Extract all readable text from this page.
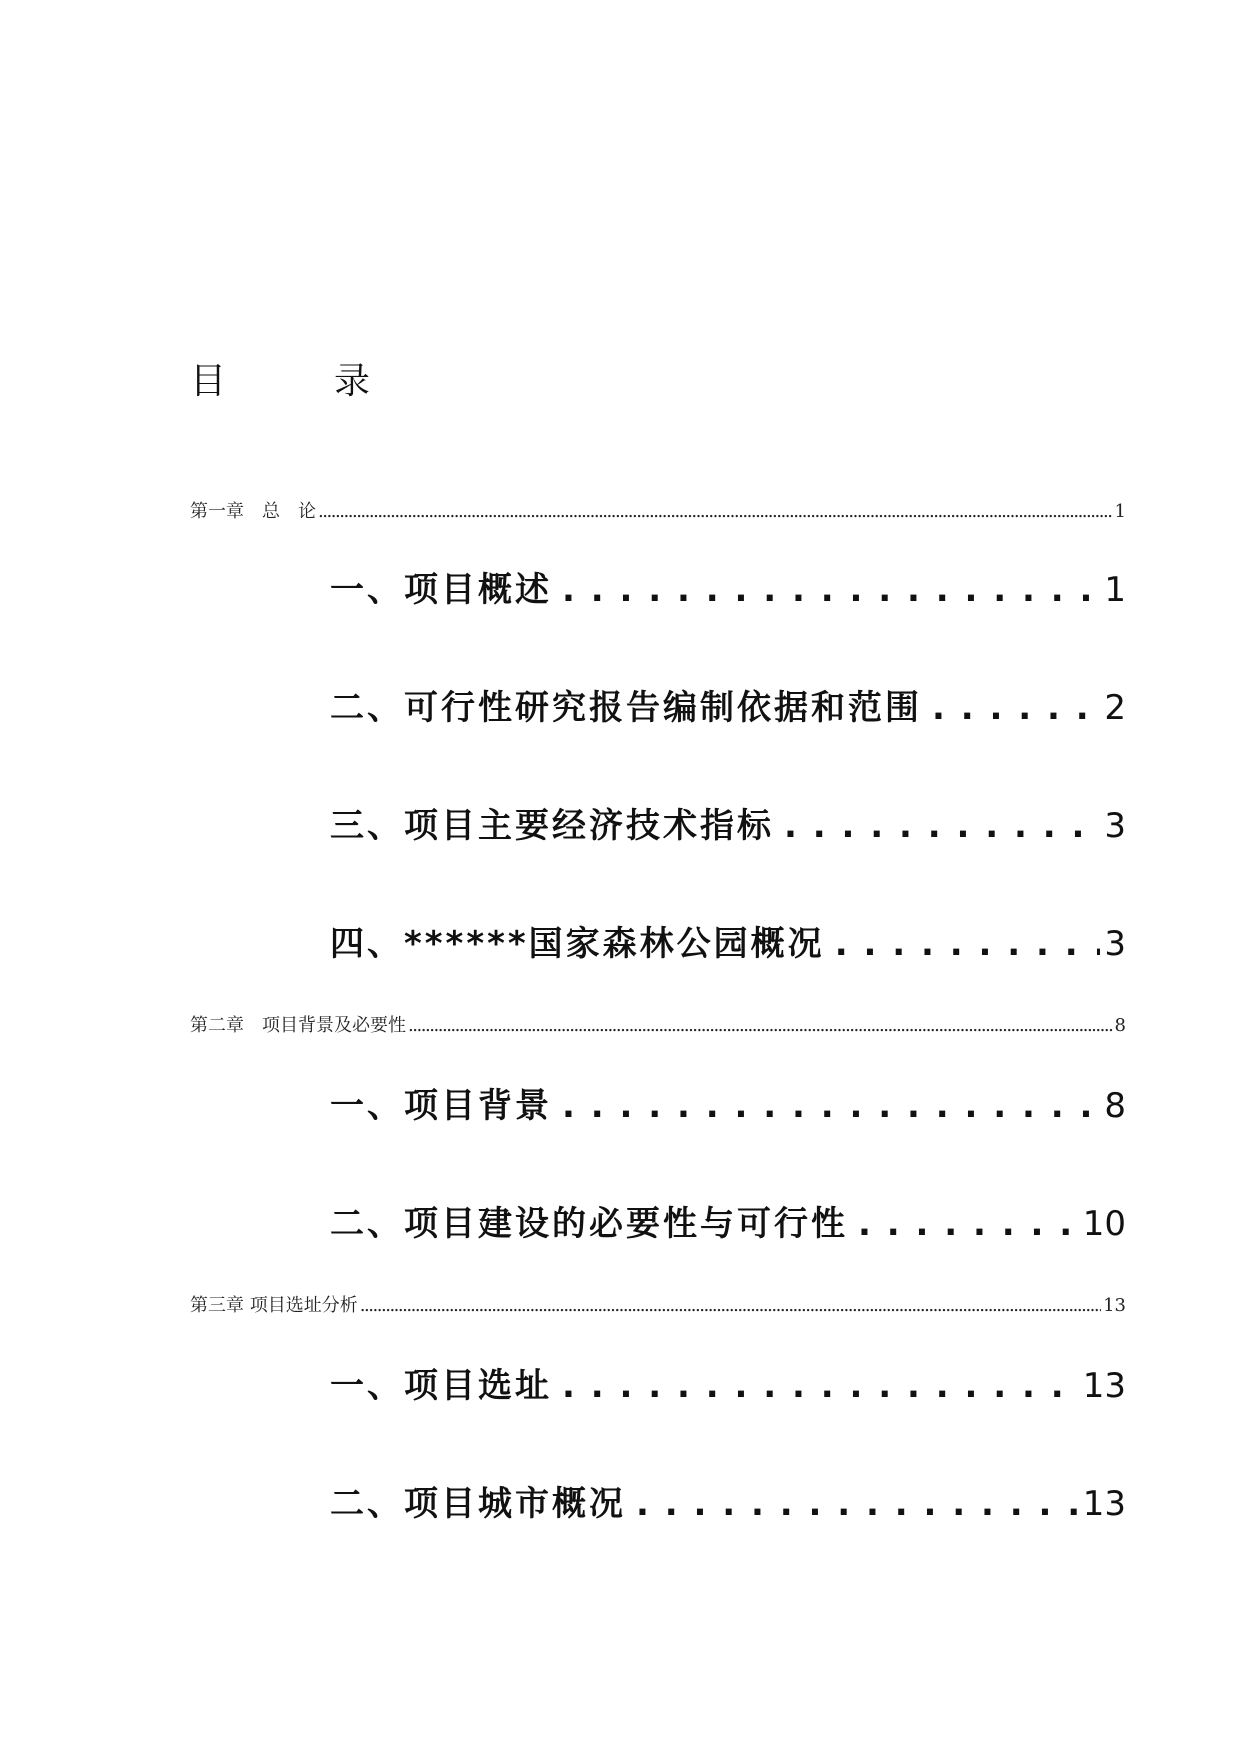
目录
第一章　总　论 . . .	1
一、项目概述 . . .	1
二、可行性研究报告编制依据和范围 . . .	2
三、项目主要经济技术指标 . . .	3
四、******国家森林公园概况 . . .	3
第二章　项目背景及必要性 . . .	8
一、项目背景 . . .	8
二、项目建设的必要性与可行性 . . .	10
第三章 项目选址分析 . . .	13
一、项目选址 . . .	13
二、项目城市概况 . . .	13
